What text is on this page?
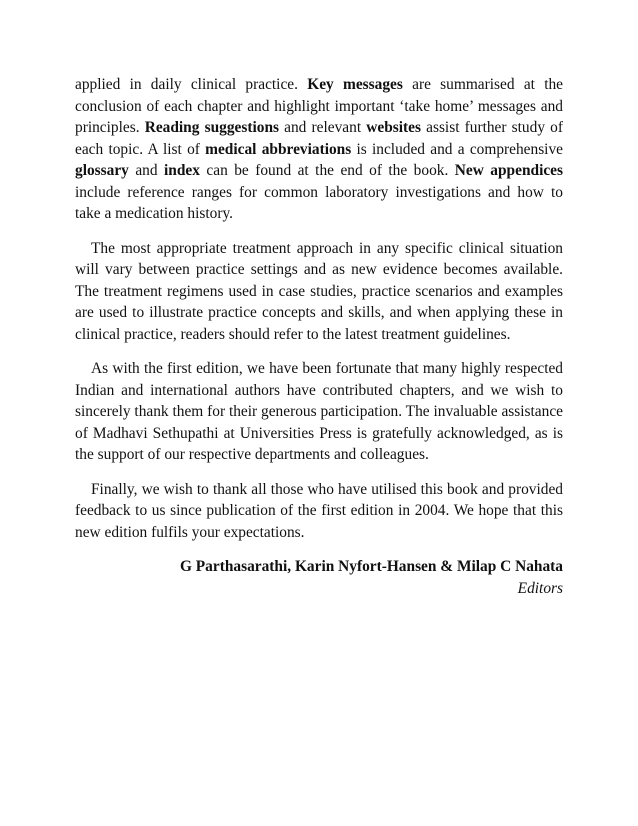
applied in daily clinical practice. Key messages are summarised at the conclusion of each chapter and highlight important ‘take home’ messages and principles. Reading suggestions and relevant websites assist further study of each topic. A list of medical abbreviations is included and a comprehensive glossary and index can be found at the end of the book. New appendices include reference ranges for common laboratory investigations and how to take a medication history.

The most appropriate treatment approach in any specific clinical situation will vary between practice settings and as new evidence becomes available. The treatment regimens used in case studies, practice scenarios and examples are used to illustrate practice concepts and skills, and when applying these in clinical practice, readers should refer to the latest treatment guidelines.

As with the first edition, we have been fortunate that many highly respected Indian and international authors have contributed chapters, and we wish to sincerely thank them for their generous participation. The invaluable assistance of Madhavi Sethupathi at Universities Press is gratefully acknowledged, as is the support of our respective departments and colleagues.

Finally, we wish to thank all those who have utilised this book and provided feedback to us since publication of the first edition in 2004. We hope that this new edition fulfils your expectations.

G Parthasarathi, Karin Nyfort-Hansen & Milap C Nahata
Editors
